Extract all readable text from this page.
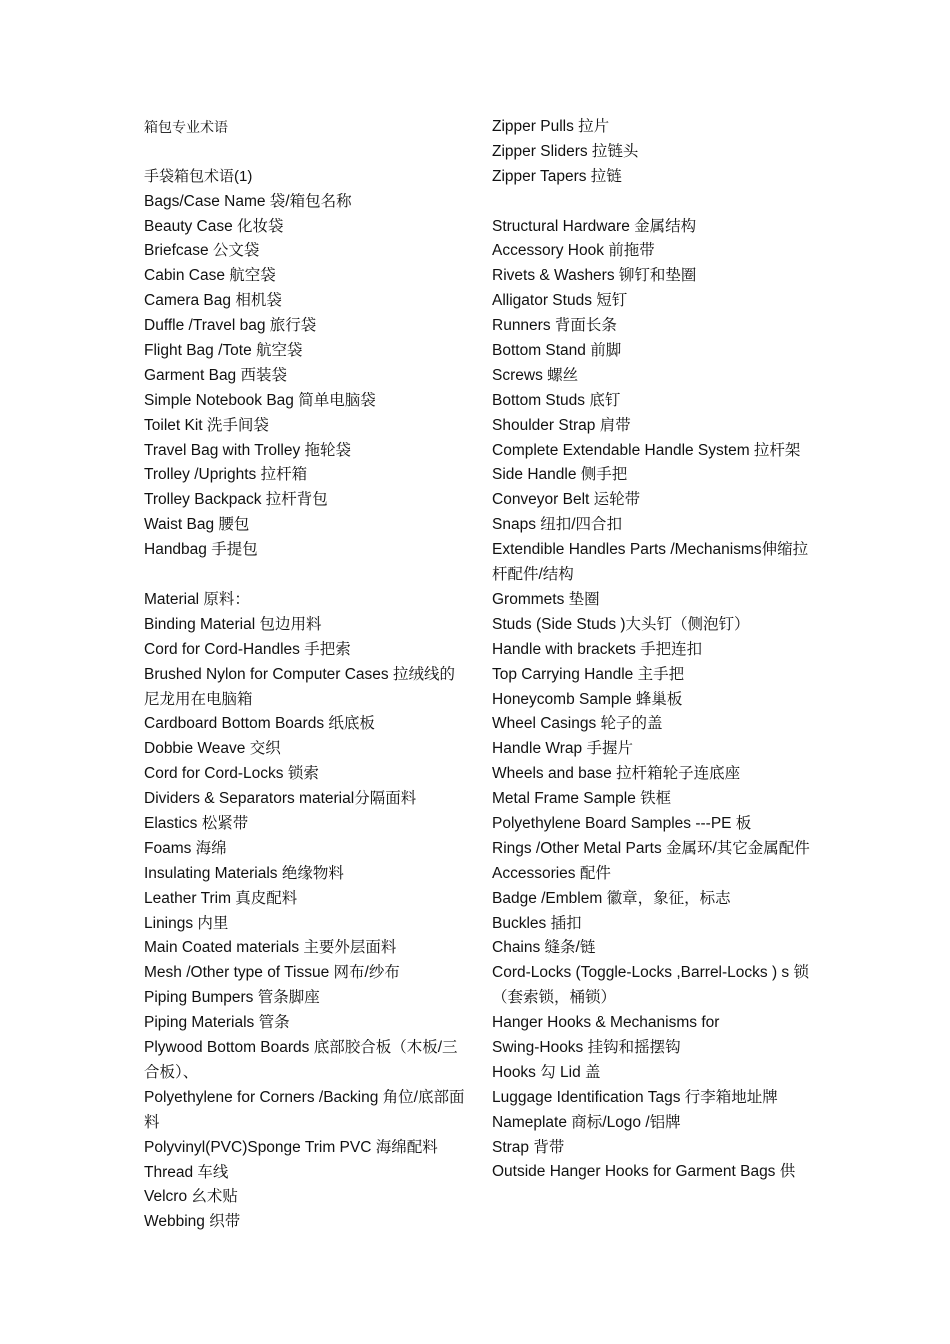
箱包专业术语
手袋箱包术语(1)
Bags/Case Name 袋/箱包名称
Beauty Case 化妆袋
Briefcase 公文袋
Cabin Case 航空袋
Camera Bag 相机袋
Duffle /Travel bag 旅行袋
Flight Bag /Tote 航空袋
Garment Bag 西装袋
Simple Notebook Bag 简单电脑袋
Toilet Kit 洗手间袋
Travel Bag with Trolley 拖轮袋
Trolley /Uprights 拉杆箱
Trolley Backpack 拉杆背包
Waist Bag 腰包
Handbag 手提包
Material 原料：
Binding Material 包边用料
Cord for Cord-Handles 手把索
Brushed Nylon for Computer Cases 拉绒线的尼龙用在电脑箱
Cardboard Bottom Boards 纸底板
Dobbie Weave 交织
Cord for Cord-Locks 锁索
Dividers & Separators material分隔面料
Elastics 松紧带
Foams 海绵
Insulating Materials 绝缘物料
Leather Trim 真皮配料
Linings 内里
Main Coated materials 主要外层面料
Mesh /Other type of Tissue 网布/纱布
Piping Bumpers 管条脚座
Piping Materials 管条
Plywood Bottom Boards 底部胶合板（木板/三合板）、
Polyethylene for Corners /Backing 角位/底部面料
Polyvinyl(PVC)Sponge Trim PVC 海绵配料
Thread 车线
Velcro 幺术贴
Webbing 织带
Zipper Pulls 拉片
Zipper Sliders 拉链头
Zipper Tapers 拉链
Structural Hardware 金属结构
Accessory Hook 前拖带
Rivets & Washers 铆钉和垫圈
Alligator Studs 短钉
Runners 背面长条
Bottom Stand 前脚
Screws 螺丝
Bottom Studs 底钉
Shoulder Strap 肩带
Complete Extendable Handle System 拉杆架
Side Handle 侧手把
Conveyor Belt 运轮带
Snaps 纽扣/四合扣
Extendible Handles Parts /Mechanisms伸缩拉杆配件/结构
Grommets 垫圈
Studs (Side Studs )大头钉（侧泡钉）
Handle with brackets 手把连扣
Top Carrying Handle 主手把
Honeycomb Sample 蜂巢板
Wheel Casings 轮子的盖
Handle Wrap 手握片
Wheels and base 拉杆箱轮子连底座
Metal Frame Sample 铁框
Polyethylene Board Samples ---PE 板
Rings /Other Metal Parts 金属环/其它金属配件
Accessories 配件
Badge /Emblem 徽章，象征，标志
Buckles 插扣
Chains 缝条/链
Cord-Locks (Toggle-Locks ,Barrel-Locks ) s 锁（套索锁，桶锁）
Hanger Hooks & Mechanisms for
Swing-Hooks 挂钩和摇摆钩
Hooks 勾 Lid 盖
Luggage Identification Tags 行李箱地址牌
Nameplate 商标/Logo /铝牌
Strap 背带
Outside Hanger Hooks for Garment Bags 供
